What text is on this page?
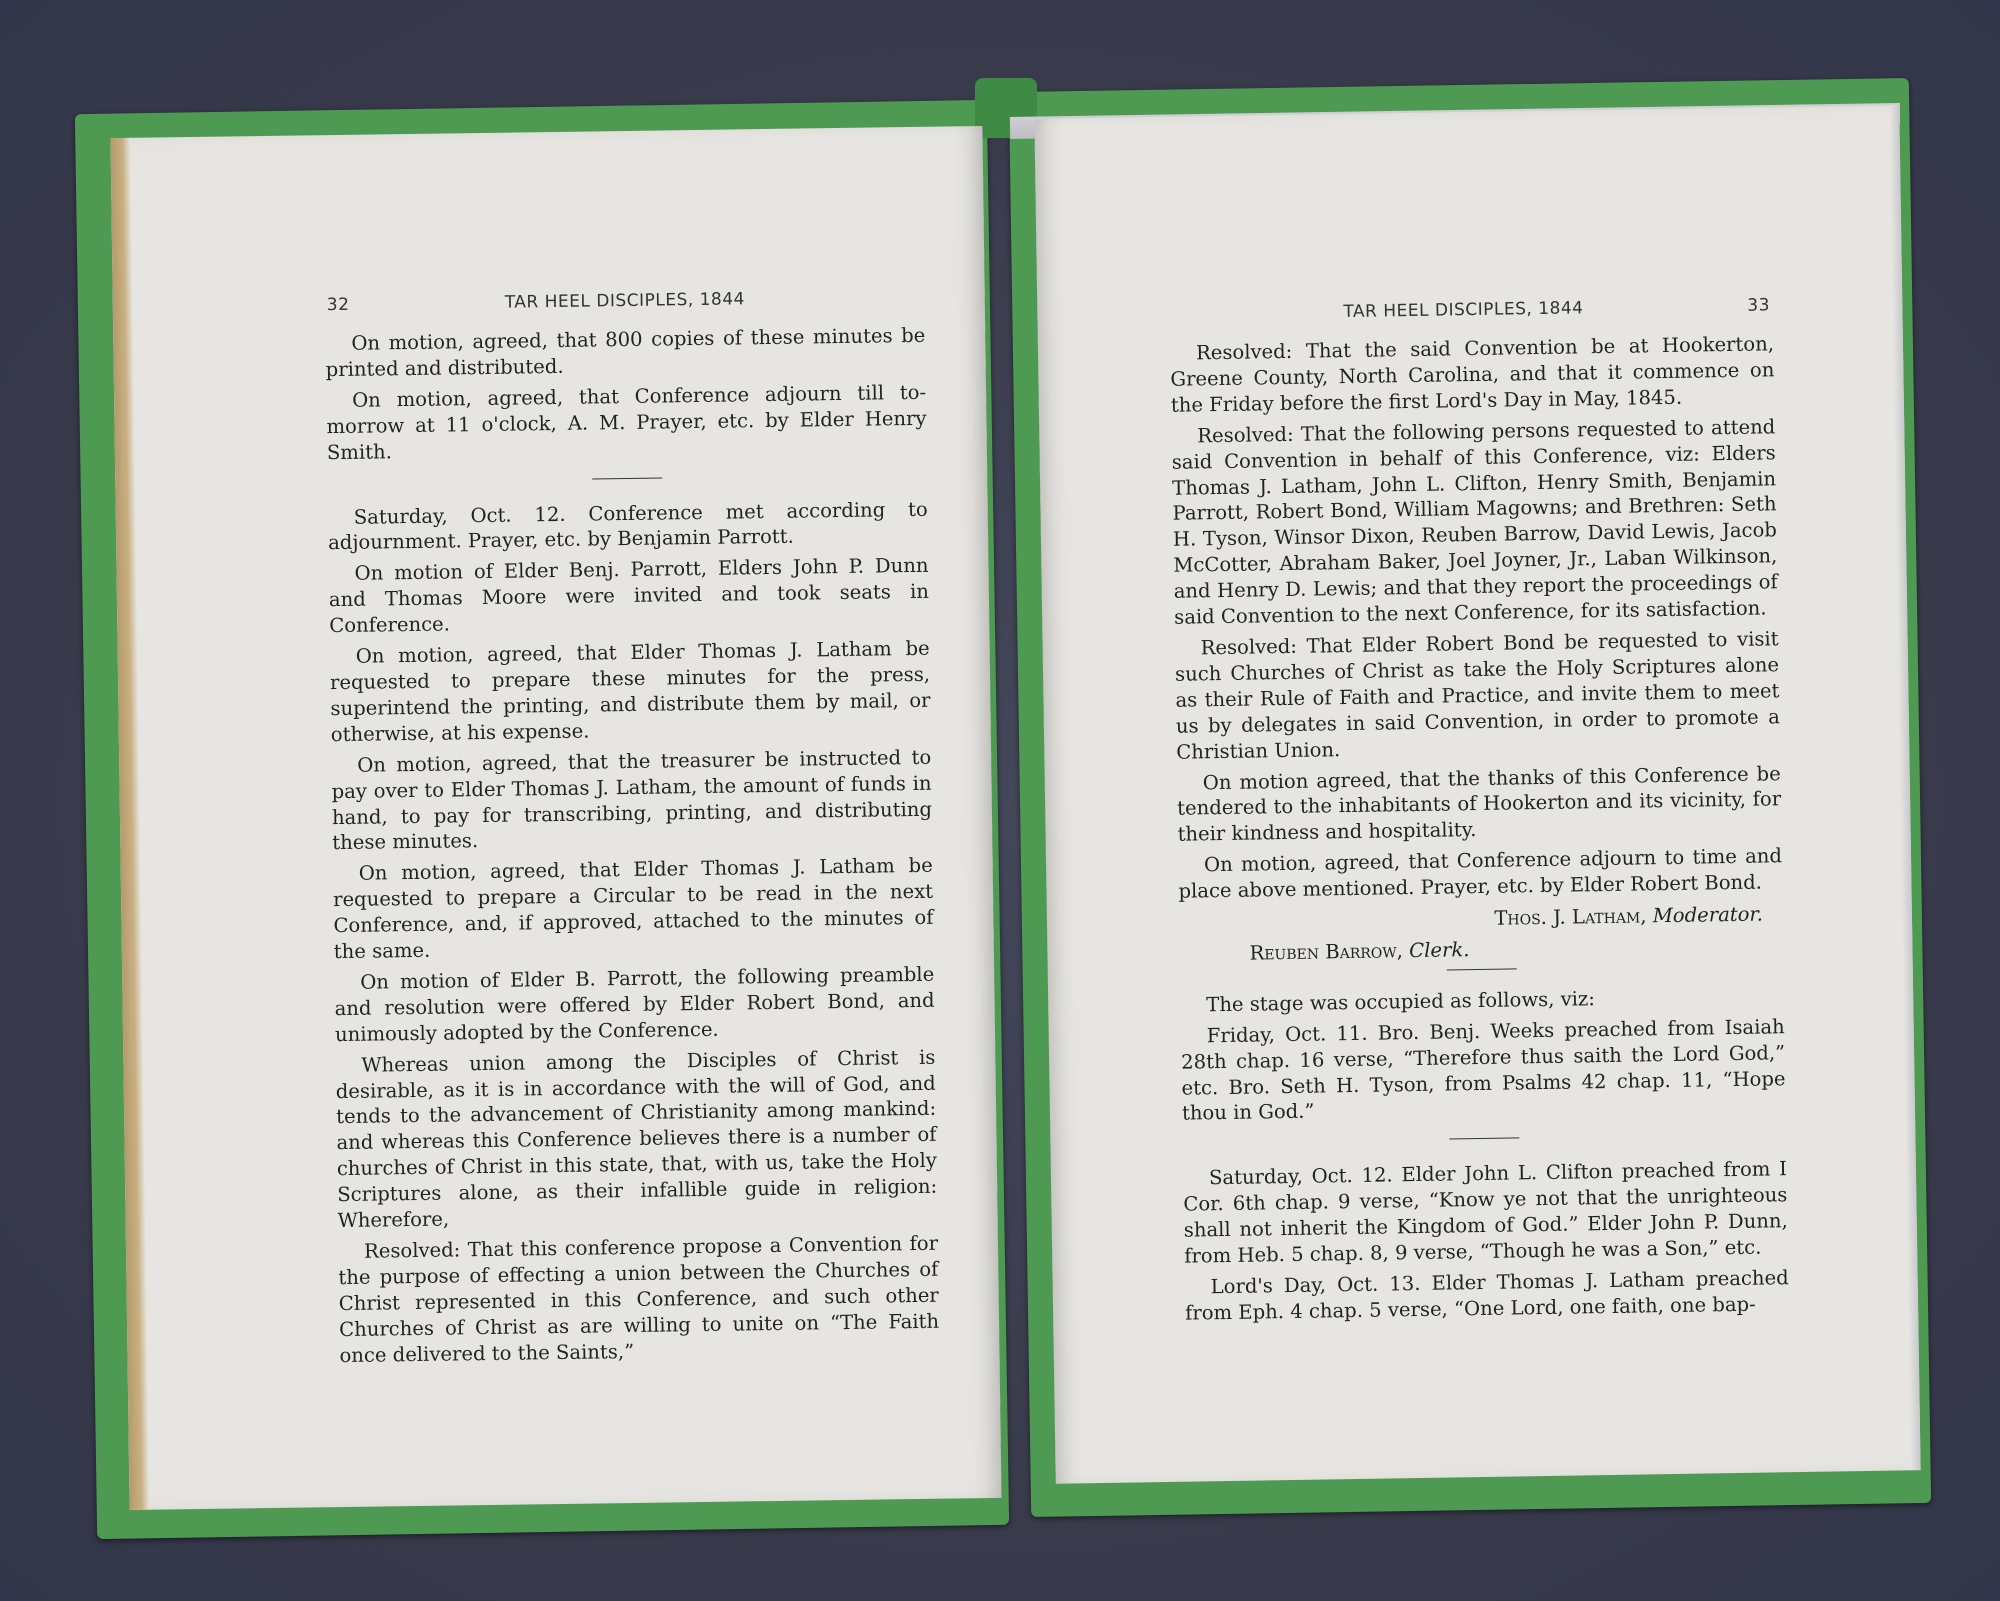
32	TAR HEEL DISCIPLES, 1844

On motion, agreed, that 800 copies of these minutes be printed and distributed.

On motion, agreed, that Conference adjourn till to-morrow at 11 o'clock, A. M. Prayer, etc. by Elder Henry Smith.

Saturday, Oct. 12. Conference met according to adjournment. Prayer, etc. by Benjamin Parrott.

On motion of Elder Benj. Parrott, Elders John P. Dunn and Thomas Moore were invited and took seats in Conference.

On motion, agreed, that Elder Thomas J. Latham be requested to prepare these minutes for the press, superintend the printing, and distribute them by mail, or otherwise, at his expense.

On motion, agreed, that the treasurer be instructed to pay over to Elder Thomas J. Latham, the amount of funds in hand, to pay for transcribing, printing, and distributing these minutes.

On motion, agreed, that Elder Thomas J. Latham be requested to prepare a Circular to be read in the next Conference, and, if approved, attached to the minutes of the same.

On motion of Elder B. Parrott, the following preamble and resolution were offered by Elder Robert Bond, and unimously adopted by the Conference.

Whereas union among the Disciples of Christ is desirable, as it is in accordance with the will of God, and tends to the advancement of Christianity among mankind: and whereas this Conference believes there is a number of churches of Christ in this state, that, with us, take the Holy Scriptures alone, as their infallible guide in religion: Wherefore,

Resolved: That this conference propose a Convention for the purpose of effecting a union between the Churches of Christ represented in this Conference, and such other Churches of Christ as are willing to unite on “The Faith once delivered to the Saints,”

TAR HEEL DISCIPLES, 1844	33

Resolved: That the said Convention be at Hookerton, Greene County, North Carolina, and that it commence on the Friday before the first Lord's Day in May, 1845.

Resolved: That the following persons requested to attend said Convention in behalf of this Conference, viz: Elders Thomas J. Latham, John L. Clifton, Henry Smith, Benjamin Parrott, Robert Bond, William Magowns; and Brethren: Seth H. Tyson, Winsor Dixon, Reuben Barrow, David Lewis, Jacob McCotter, Abraham Baker, Joel Joyner, Jr., Laban Wilkinson, and Henry D. Lewis; and that they report the proceedings of said Convention to the next Conference, for its satisfaction.

Resolved: That Elder Robert Bond be requested to visit such Churches of Christ as take the Holy Scriptures alone as their Rule of Faith and Practice, and invite them to meet us by delegates in said Convention, in order to promote a Christian Union.

On motion agreed, that the thanks of this Conference be tendered to the inhabitants of Hookerton and its vicinity, for their kindness and hospitality.

On motion, agreed, that Conference adjourn to time and place above mentioned. Prayer, etc. by Elder Robert Bond.

Thos. J. Latham, Moderator.

Reuben Barrow, Clerk.

The stage was occupied as follows, viz:

Friday, Oct. 11. Bro. Benj. Weeks preached from Isaiah 28th chap. 16 verse, “Therefore thus saith the Lord God,” etc. Bro. Seth H. Tyson, from Psalms 42 chap. 11, “Hope thou in God.”

Saturday, Oct. 12. Elder John L. Clifton preached from I Cor. 6th chap. 9 verse, “Know ye not that the unrighteous shall not inherit the Kingdom of God.” Elder John P. Dunn, from Heb. 5 chap. 8, 9 verse, “Though he was a Son,” etc.

Lord's Day, Oct. 13. Elder Thomas J. Latham preached from Eph. 4 chap. 5 verse, “One Lord, one faith, one bap-
